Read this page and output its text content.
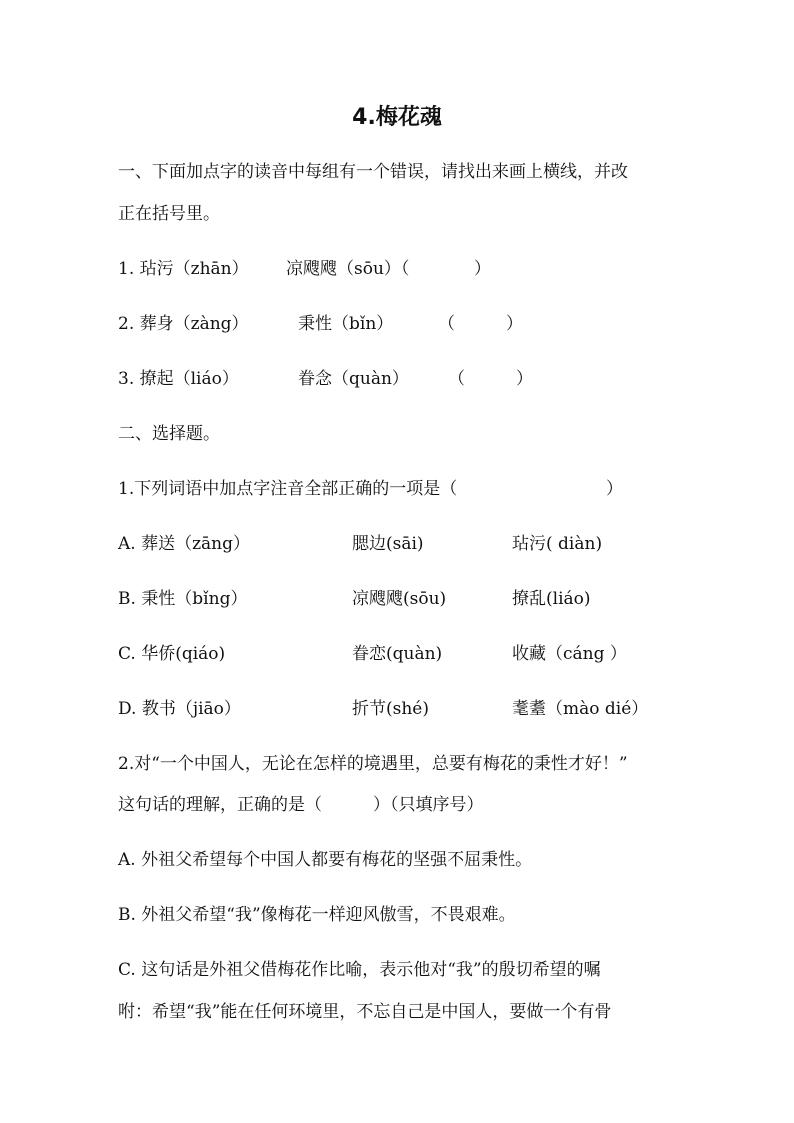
4.梅花魂
一、下面加点字的读音中每组有一个错误，请找出来画上横线，并改
正在括号里。
1. 玷污（zhān） 凉飕飕（sōu）（	）
2. 葬身（zàng）	秉性（bǐn）	（　　　）
3. 撩起（liáo）	眷念（quàn） （　　　）
二、选择题。
1.下列词语中加点字注音全部正确的一项是（	）
A. 葬送（zāng）	腮边(sāi)	玷污( diàn)
B. 秉性（bǐng）	凉飕飕(sōu)	撩乱(liáo)
C. 华侨(qiáo)	眷恋(quàn)	收藏（cáng ）
D. 教书（jiāo）	折节(shé)	耄耋（mào dié）
2.对“一个中国人，无论在怎样的境遇里，总要有梅花的秉性才好！”
这句话的理解，正确的是（　　　）（只填序号）
A. 外祖父希望每个中国人都要有梅花的坚强不屈秉性。
B. 外祖父希望“我”像梅花一样迎风傲雪，不畏艰难。
C. 这句话是外祖父借梅花作比喻，表示他对“我”的殷切希望的嘱
咐：希望“我”能在任何环境里，不忘自己是中国人，要做一个有骨
